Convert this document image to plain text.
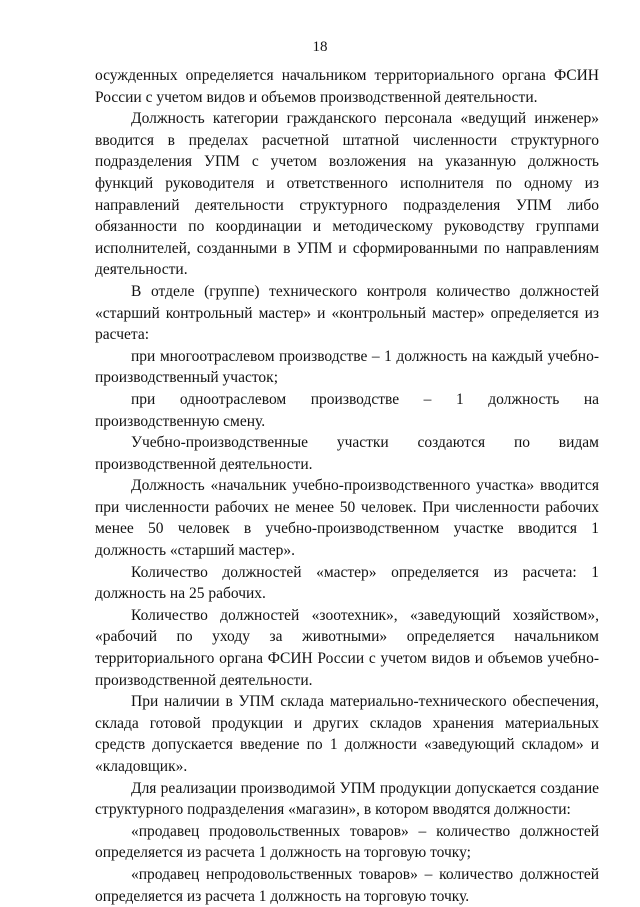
18

осужденных определяется начальником территориального органа ФСИН России с учетом видов и объемов производственной деятельности.

Должность категории гражданского персонала «ведущий инженер» вводится в пределах расчетной штатной численности структурного подразделения УПМ с учетом возложения на указанную должность функций руководителя и ответственного исполнителя по одному из направлений деятельности структурного подразделения УПМ либо обязанности по координации и методическому руководству группами исполнителей, созданными в УПМ и сформированными по направлениям деятельности.

В отделе (группе) технического контроля количество должностей «старший контрольный мастер» и «контрольный мастер» определяется из расчета:

при многоотраслевом производстве – 1 должность на каждый учебно-производственный участок;

при одноотраслевом производстве – 1 должность на производственную смену.

Учебно-производственные участки создаются по видам производственной деятельности.

Должность «начальник учебно-производственного участка» вводится при численности рабочих не менее 50 человек. При численности рабочих менее 50 человек в учебно-производственном участке вводится 1 должность «старший мастер».

Количество должностей «мастер» определяется из расчета: 1 должность на 25 рабочих.

Количество должностей «зоотехник», «заведующий хозяйством», «рабочий по уходу за животными» определяется начальником территориального органа ФСИН России с учетом видов и объемов учебно-производственной деятельности.

При наличии в УПМ склада материально-технического обеспечения, склада готовой продукции и других складов хранения материальных средств допускается введение по 1 должности «заведующий складом» и «кладовщик».

Для реализации производимой УПМ продукции допускается создание структурного подразделения «магазин», в котором вводятся должности:

«продавец продовольственных товаров» – количество должностей определяется из расчета 1 должность на торговую точку;

«продавец непродовольственных товаров» – количество должностей определяется из расчета 1 должность на торговую точку.
